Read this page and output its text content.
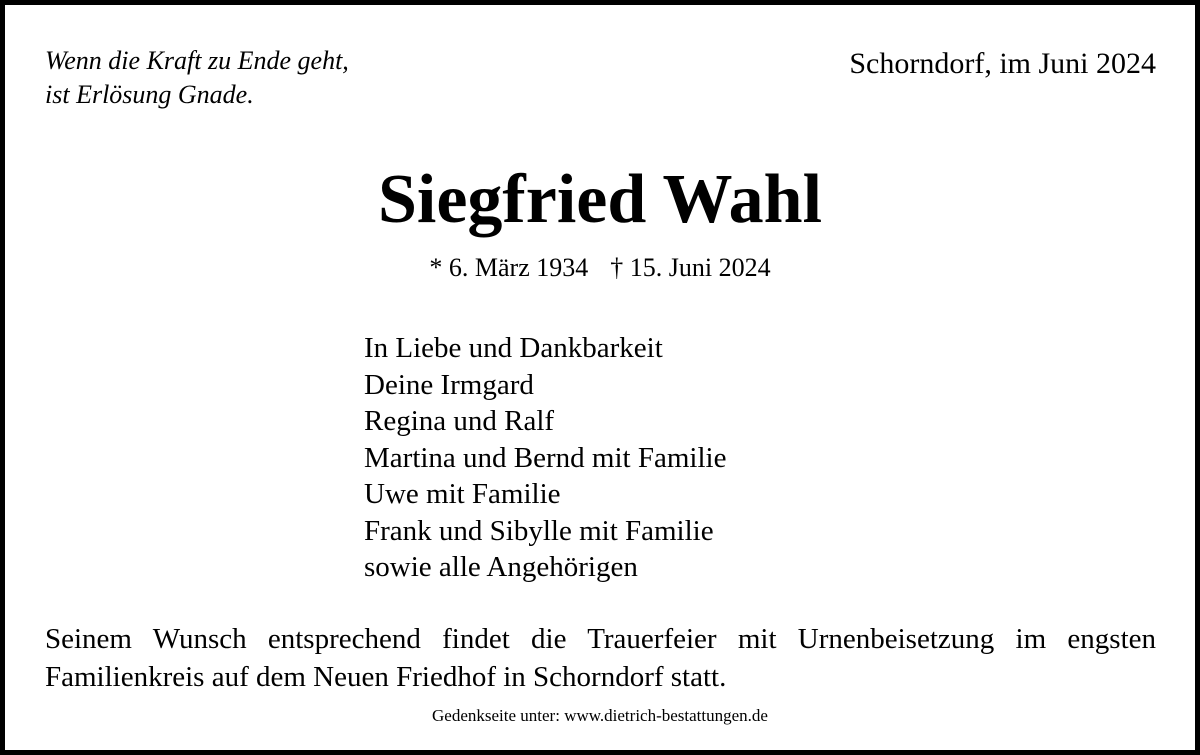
Wenn die Kraft zu Ende geht,
ist Erlösung Gnade.
Schorndorf, im Juni 2024
Siegfried Wahl
* 6. März 1934 † 15. Juni 2024
In Liebe und Dankbarkeit
Deine Irmgard
Regina und Ralf
Martina und Bernd mit Familie
Uwe mit Familie
Frank und Sibylle mit Familie
sowie alle Angehörigen
Seinem Wunsch entsprechend findet die Trauerfeier mit Urnenbeisetzung im engsten Familienkreis auf dem Neuen Friedhof in Schorndorf statt.
Gedenkseite unter: www.dietrich-bestattungen.de
